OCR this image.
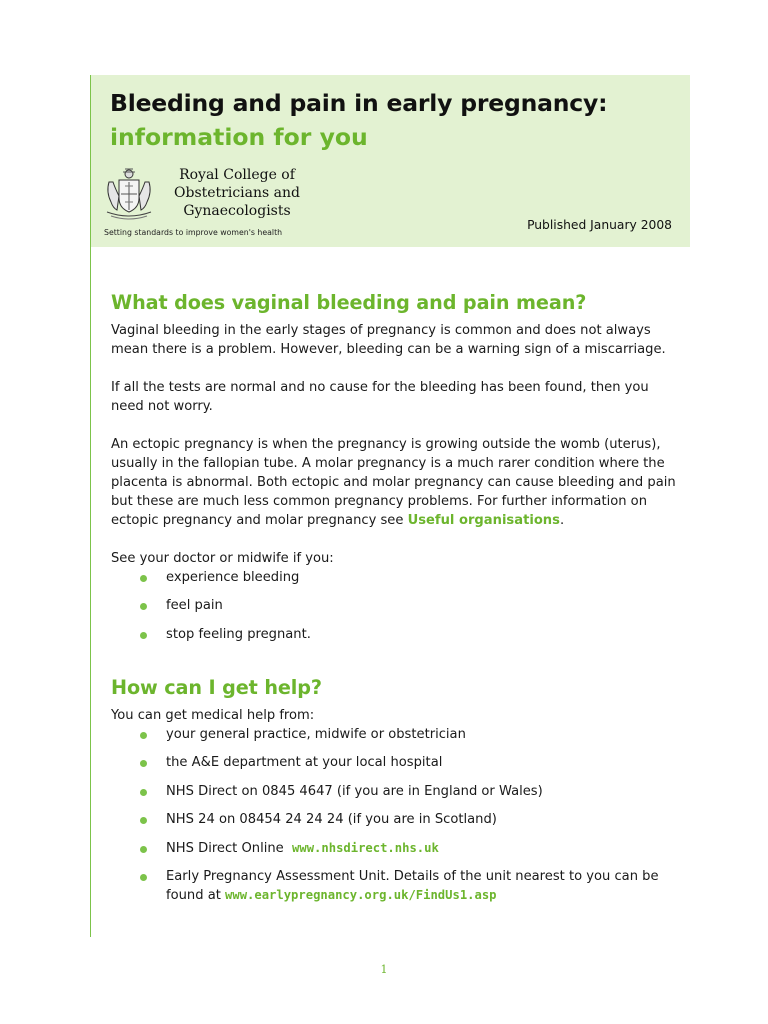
Bleeding and pain in early pregnancy:
information for you
Royal College of
Obstetricians and
Gynaecologists
Setting standards to improve women's health
Published January 2008
What does vaginal bleeding and pain mean?

Vaginal bleeding in the early stages of pregnancy is common and does not always

mean there is a problem. However, bleeding can be a warning sign of a miscarriage.

If all the tests are normal and no cause for the bleeding has been found, then you

need not worry.

An ectopic pregnancy is when the pregnancy is growing outside the womb (uterus),

usually in the fallopian tube. A molar pregnancy is a much rarer condition where the

placenta is abnormal. Both ectopic and molar pregnancy can cause bleeding and pain

but these are much less common pregnancy problems. For further information on

ectopic pregnancy and molar pregnancy see Useful organisations.

See your doctor or midwife if you:

experience bleeding
feel pain
stop feeling pregnant.
How can I get help?

You can get medical help from:

your general practice, midwife or obstetrician
the A&E department at your local hospital
NHS Direct on 0845 4647 (if you are in England or Wales)
NHS 24 on 08454 24 24 24 (if you are in Scotland)
NHS Direct Online www.nhsdirect.nhs.uk
Early Pregnancy Assessment Unit. Details of the unit nearest to you can be
found at www.earlypregnancy.org.uk/FindUs1.asp
1
